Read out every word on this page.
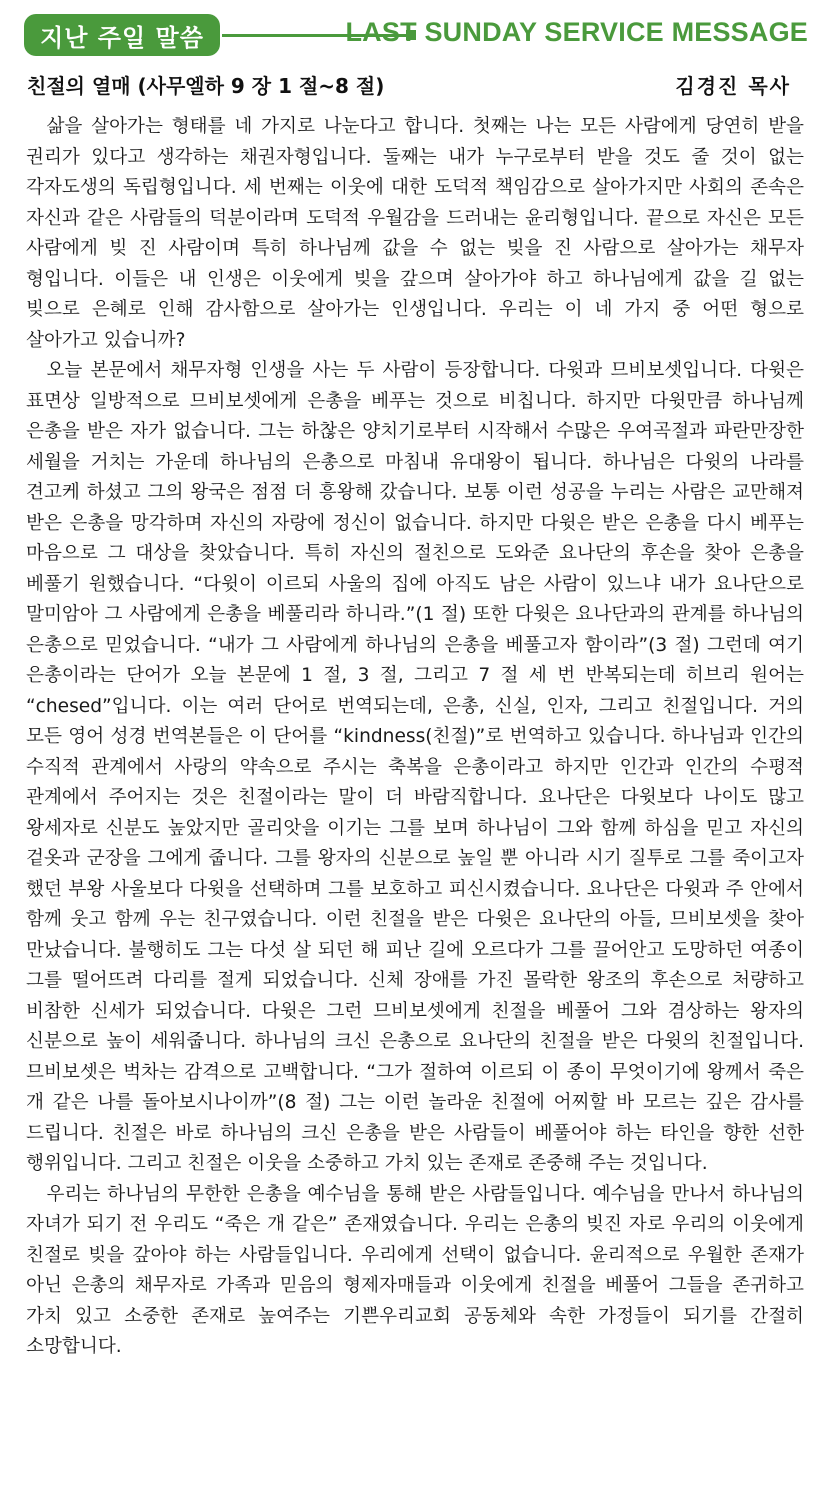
지난 주일 말씀	LAST SUNDAY SERVICE MESSAGE
친절의 열매 (사무엘하 9 장 1 절~8 절)	김경진 목사

삶을 살아가는 형태를 네 가지로 나눈다고 합니다. 첫째는 나는 모든 사람에게 당연히 받을 권리가 있다고 생각하는 채권자형입니다. 둘째는 내가 누구로부터 받을 것도 줄 것이 없는 각자도생의 독립형입니다. 세 번째는 이웃에 대한 도덕적 책임감으로 살아가지만 사회의 존속은 자신과 같은 사람들의 덕분이라며 도덕적 우월감을 드러내는 윤리형입니다. 끝으로 자신은 모든 사람에게 빚 진 사람이며 특히 하나님께 값을 수 없는 빚을 진 사람으로 살아가는 채무자 형입니다. 이들은 내 인생은 이웃에게 빚을 갚으며 살아가야 하고 하나님에게 값을 길 없는 빚으로 은혜로 인해 감사함으로 살아가는 인생입니다. 우리는 이 네 가지 중 어떤 형으로 살아가고 있습니까?

오늘 본문에서 채무자형 인생을 사는 두 사람이 등장합니다. 다윗과 므비보셋입니다. 다윗은 표면상 일방적으로 므비보셋에게 은총을 베푸는 것으로 비칩니다. 하지만 다윗만큼 하나님께 은총을 받은 자가 없습니다. 그는 하찮은 양치기로부터 시작해서 수많은 우여곡절과 파란만장한 세월을 거치는 가운데 하나님의 은총으로 마침내 유대왕이 됩니다. 하나님은 다윗의 나라를 견고케 하셨고 그의 왕국은 점점 더 흥왕해 갔습니다. 보통 이런 성공을 누리는 사람은 교만해져 받은 은총을 망각하며 자신의 자랑에 정신이 없습니다. 하지만 다윗은 받은 은총을 다시 베푸는 마음으로 그 대상을 찾았습니다. 특히 자신의 절친으로 도와준 요나단의 후손을 찾아 은총을 베풀기 원했습니다. “다윗이 이르되 사울의 집에 아직도 남은 사람이 있느냐 내가 요나단으로 말미암아 그 사람에게 은총을 베풀리라 하니라.”(1 절) 또한 다윗은 요나단과의 관계를 하나님의 은총으로 믿었습니다. “내가 그 사람에게 하나님의 은총을 베풀고자 함이라”(3 절) 그런데 여기 은총이라는 단어가 오늘 본문에 1 절, 3 절, 그리고 7 절 세 번 반복되는데 히브리 원어는 “chesed”입니다. 이는 여러 단어로 번역되는데, 은총, 신실, 인자, 그리고 친절입니다. 거의 모든 영어 성경 번역본들은 이 단어를 “kindness(친절)”로 번역하고 있습니다. 하나님과 인간의 수직적 관계에서 사랑의 약속으로 주시는 축복을 은총이라고 하지만 인간과 인간의 수평적 관계에서 주어지는 것은 친절이라는 말이 더 바람직합니다. 요나단은 다윗보다 나이도 많고 왕세자로 신분도 높았지만 골리앗을 이기는 그를 보며 하나님이 그와 함께 하심을 믿고 자신의 겉옷과 군장을 그에게 줍니다. 그를 왕자의 신분으로 높일 뿐 아니라 시기 질투로 그를 죽이고자 했던 부왕 사울보다 다윗을 선택하며 그를 보호하고 피신시켰습니다. 요나단은 다윗과 주 안에서 함께 웃고 함께 우는 친구였습니다. 이런 친절을 받은 다윗은 요나단의 아들, 므비보셋을 찾아 만났습니다. 불행히도 그는 다섯 살 되던 해 피난 길에 오르다가 그를 끌어안고 도망하던 여종이 그를 떨어뜨려 다리를 절게 되었습니다. 신체 장애를 가진 몰락한 왕조의 후손으로 처량하고 비참한 신세가 되었습니다. 다윗은 그런 므비보셋에게 친절을 베풀어 그와 겸상하는 왕자의 신분으로 높이 세워줍니다. 하나님의 크신 은총으로 요나단의 친절을 받은 다윗의 친절입니다. 므비보셋은 벅차는 감격으로 고백합니다. “그가 절하여 이르되 이 종이 무엇이기에 왕께서 죽은 개 같은 나를 돌아보시나이까”(8 절) 그는 이런 놀라운 친절에 어찌할 바 모르는 깊은 감사를 드립니다. 친절은 바로 하나님의 크신 은총을 받은 사람들이 베풀어야 하는 타인을 향한 선한 행위입니다. 그리고 친절은 이웃을 소중하고 가치 있는 존재로 존중해 주는 것입니다.

우리는 하나님의 무한한 은총을 예수님을 통해 받은 사람들입니다. 예수님을 만나서 하나님의 자녀가 되기 전 우리도 “죽은 개 같은” 존재였습니다. 우리는 은총의 빚진 자로 우리의 이웃에게 친절로 빚을 갚아야 하는 사람들입니다. 우리에게 선택이 없습니다. 윤리적으로 우월한 존재가 아닌 은총의 채무자로 가족과 믿음의 형제자매들과 이웃에게 친절을 베풀어 그들을 존귀하고 가치 있고 소중한 존재로 높여주는 기쁜우리교회 공동체와 속한 가정들이 되기를 간절히 소망합니다.
